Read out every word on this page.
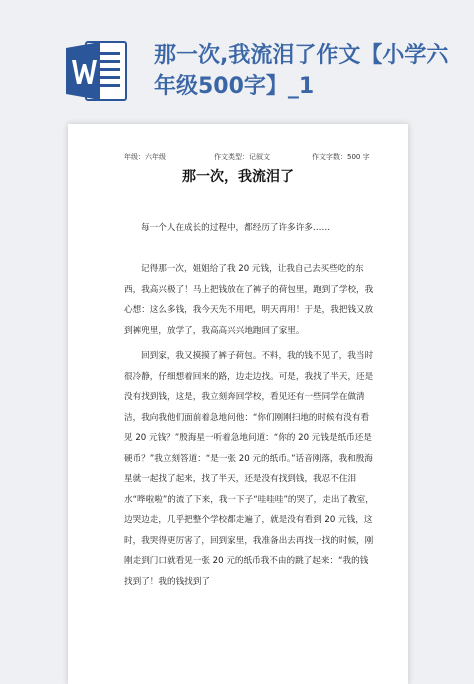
那一次,我流泪了作文【小学六年级500字】_1
年级：六年级	作文类型：记叙文	作文字数：500 字
那一次，我流泪了

每一个人在成长的过程中，都经历了许多许多……

记得那一次，姐姐给了我 20 元钱，让我自己去买些吃的东西，我高兴极了！马上把钱放在了裤子的荷包里，跑到了学校，我心想：这么多钱，我今天先不用吧，明天再用！于是，我把钱又放到裤兜里，放学了，我高高兴兴地跑回了家里。

回到家，我又摸摸了裤子荷包。不料，我的钱不见了，我当时很冷静，仔细想着回来的路，边走边找。可是，我找了半天，还是没有找到钱，这是，我立刻奔回学校，看见还有一些同学在做清洁，我向我他们面前着急地问他：“你们刚刚扫地的时候有没有看见 20 元钱？”殷海星一听着急地问道：“你的 20 元钱是纸币还是硬币？”我立刻答道：“是一张 20 元的纸币。”话音刚落，我和殷海星就一起找了起来，找了半天，还是没有找到钱，我忍不住泪水“哗啦啦”的流了下来，我一下子“哇哇哇”的哭了，走出了教室，边哭边走，几乎把整个学校都走遍了，就是没有看到 20 元钱，这时，我哭得更厉害了，回到家里，我准备出去再找一找的时候，刚刚走到门口就看见一张 20 元的纸币我不由的跳了起来：“我的钱找到了！我的钱找到了
